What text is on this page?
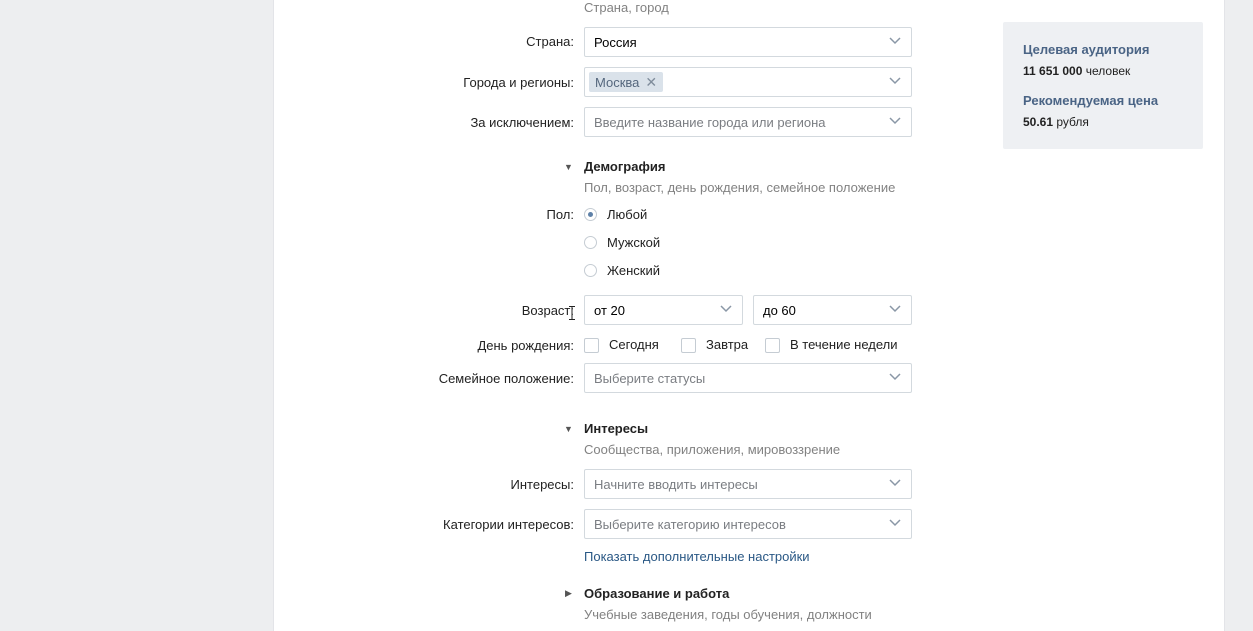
Страна, город
Страна: Россия
Города и регионы: Москва ✕
За исключением: Введите название города или региона
▼ Демография
Пол, возраст, день рождения, семейное положение
Пол:	Любой
Мужской
Женский
Возраст: от 20	до 60
День рождения:	Сегодня	Завтра	В течение недели
Семейное положение: Выберите статусы
▼ Интересы
Сообщества, приложения, мировоззрение
Интересы: Начните вводить интересы
Категории интересов: Выберите категорию интересов
Показать дополнительные настройки
▶ Образование и работа
Учебные заведения, годы обучения, должности
Целевая аудитория
11 651 000 человек
Рекомендуемая цена
50.61 рубля
